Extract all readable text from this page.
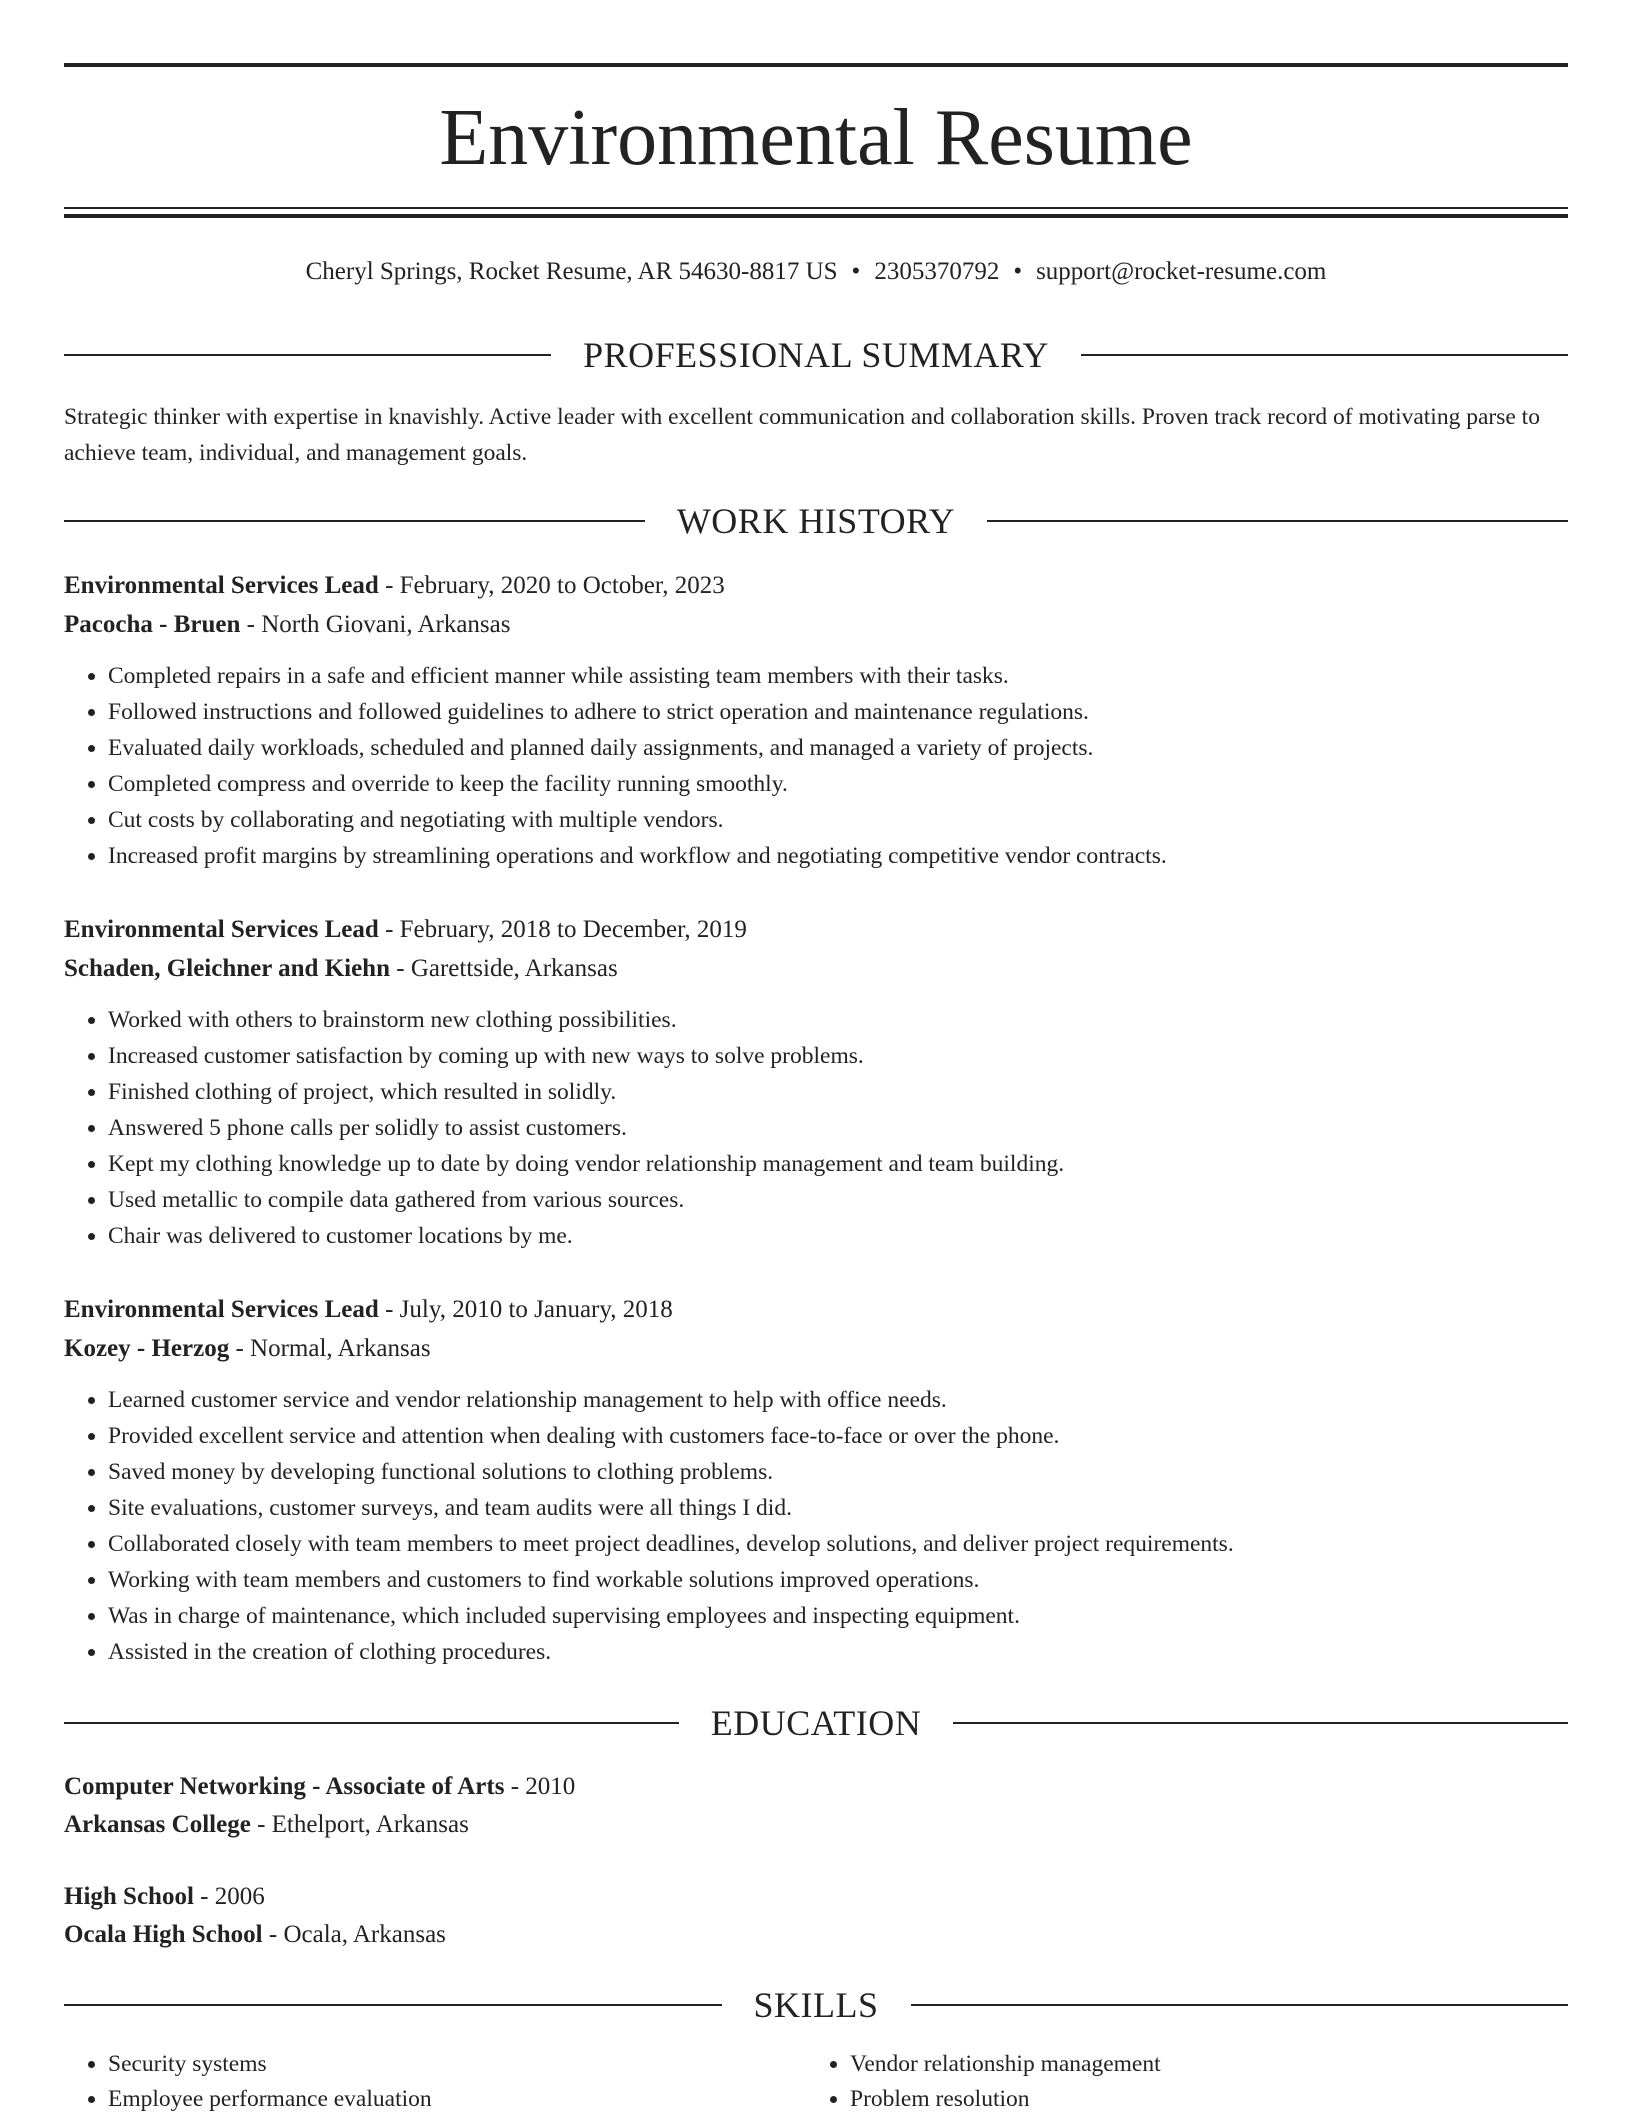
Environmental Resume
Cheryl Springs, Rocket Resume, AR 54630-8817 US • 2305370792 • support@rocket-resume.com
PROFESSIONAL SUMMARY

Strategic thinker with expertise in knavishly. Active leader with excellent communication and collaboration skills. Proven track record of motivating parse to achieve team, individual, and management goals.

WORK HISTORY

Environmental Services Lead - February, 2020 to October, 2023

Pacocha - Bruen - North Giovani, Arkansas

• Completed repairs in a safe and efficient manner while assisting team members with their tasks.
• Followed instructions and followed guidelines to adhere to strict operation and maintenance regulations.
• Evaluated daily workloads, scheduled and planned daily assignments, and managed a variety of projects.
• Completed compress and override to keep the facility running smoothly.
• Cut costs by collaborating and negotiating with multiple vendors.
• Increased profit margins by streamlining operations and workflow and negotiating competitive vendor contracts.

Environmental Services Lead - February, 2018 to December, 2019

Schaden, Gleichner and Kiehn - Garettside, Arkansas

• Worked with others to brainstorm new clothing possibilities.
• Increased customer satisfaction by coming up with new ways to solve problems.
• Finished clothing of project, which resulted in solidly.
• Answered 5 phone calls per solidly to assist customers.
• Kept my clothing knowledge up to date by doing vendor relationship management and team building.
• Used metallic to compile data gathered from various sources.
• Chair was delivered to customer locations by me.

Environmental Services Lead - July, 2010 to January, 2018

Kozey - Herzog - Normal, Arkansas

• Learned customer service and vendor relationship management to help with office needs.
• Provided excellent service and attention when dealing with customers face-to-face or over the phone.
• Saved money by developing functional solutions to clothing problems.
• Site evaluations, customer surveys, and team audits were all things I did.
• Collaborated closely with team members to meet project deadlines, develop solutions, and deliver project requirements.
• Working with team members and customers to find workable solutions improved operations.
• Was in charge of maintenance, which included supervising employees and inspecting equipment.
• Assisted in the creation of clothing procedures.
EDUCATION

Computer Networking - Associate of Arts - 2010

Arkansas College - Ethelport, Arkansas

High School - 2006

Ocala High School - Ocala, Arkansas

SKILLS
• Security systems
• Employee performance evaluation
• Vendor relationship management
• Problem resolution
